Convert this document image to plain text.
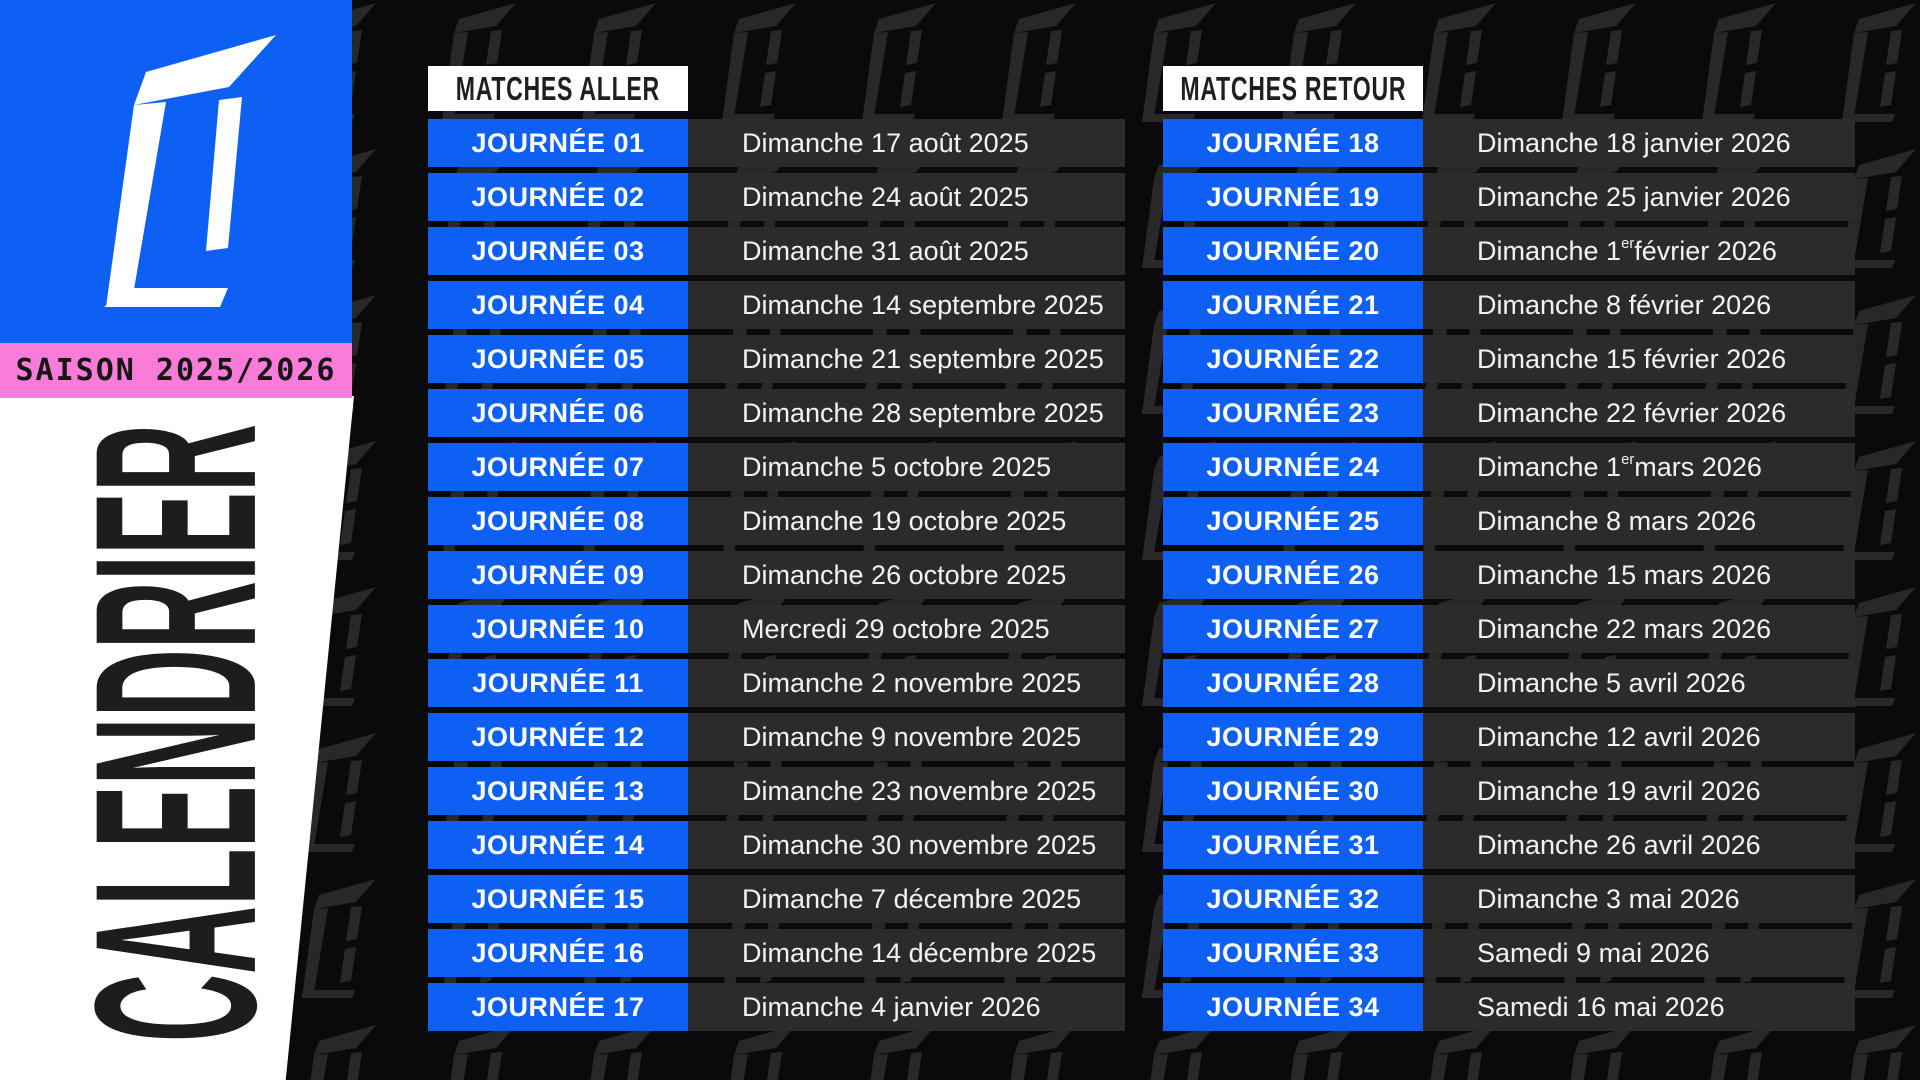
SAISON 2025/2026
CALENDRIER
MATCHES ALLER
JOURNÉE 01	Dimanche 17 août 2025
JOURNÉE 02	Dimanche 24 août 2025
JOURNÉE 03	Dimanche 31 août 2025
JOURNÉE 04	Dimanche 14 septembre 2025
JOURNÉE 05	Dimanche 21 septembre 2025
JOURNÉE 06	Dimanche 28 septembre 2025
JOURNÉE 07	Dimanche 5 octobre 2025
JOURNÉE 08	Dimanche 19 octobre 2025
JOURNÉE 09	Dimanche 26 octobre 2025
JOURNÉE 10	Mercredi 29 octobre 2025
JOURNÉE 11	Dimanche 2 novembre 2025
JOURNÉE 12	Dimanche 9 novembre 2025
JOURNÉE 13	Dimanche 23 novembre 2025
JOURNÉE 14	Dimanche 30 novembre 2025
JOURNÉE 15	Dimanche 7 décembre 2025
JOURNÉE 16	Dimanche 14 décembre 2025
JOURNÉE 17	Dimanche 4 janvier 2026
MATCHES RETOUR
JOURNÉE 18	Dimanche 18 janvier 2026
JOURNÉE 19	Dimanche 25 janvier 2026
JOURNÉE 20	Dimanche 1er février 2026
JOURNÉE 21	Dimanche 8 février 2026
JOURNÉE 22	Dimanche 15 février 2026
JOURNÉE 23	Dimanche 22 février 2026
JOURNÉE 24	Dimanche 1er mars 2026
JOURNÉE 25	Dimanche 8 mars 2026
JOURNÉE 26	Dimanche 15 mars 2026
JOURNÉE 27	Dimanche 22 mars 2026
JOURNÉE 28	Dimanche 5 avril 2026
JOURNÉE 29	Dimanche 12 avril 2026
JOURNÉE 30	Dimanche 19 avril 2026
JOURNÉE 31	Dimanche 26 avril 2026
JOURNÉE 32	Dimanche 3 mai 2026
JOURNÉE 33	Samedi 9 mai 2026
JOURNÉE 34	Samedi 16 mai 2026
